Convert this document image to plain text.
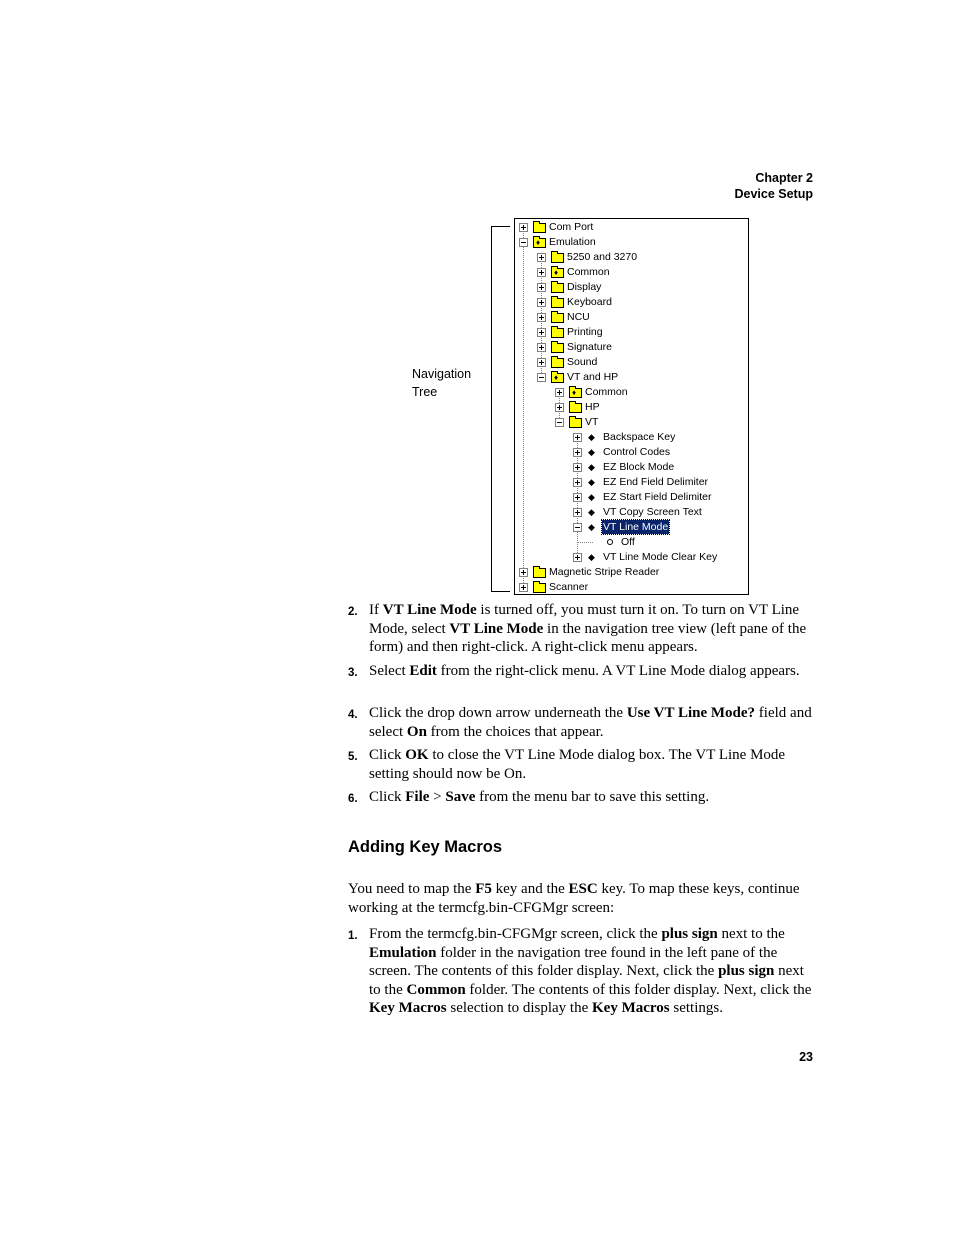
Chapter 2
Device Setup
Navigation
Tree
Com Port
♦
Emulation
5250 and 3270
♦
Common
Display
Keyboard
NCU
Printing
Signature
Sound
♦
VT and HP
♦
Common
HP
VT
◆ Backspace Key
◆ Control Codes
◆ EZ Block Mode
◆ EZ End Field Delimiter
◆ EZ Start Field Delimiter
◆ VT Copy Screen Text
◆ VT Line Mode
Off
◆ VT Line Mode Clear Key
Magnetic Stripe Reader
Scanner
2. If VT Line Mode is turned off, you must turn it on. To turn on VT Line Mode, select VT Line Mode in the navigation tree view (left pane of the form) and then right-click. A right-click menu appears.
3. Select Edit from the right-click menu. A VT Line Mode dialog appears.
4. Click the drop down arrow underneath the Use VT Line Mode? field and select On from the choices that appear.
5. Click OK to close the VT Line Mode dialog box. The VT Line Mode setting should now be On.
6. Click File > Save from the menu bar to save this setting.
Adding Key Macros
You need to map the F5 key and the ESC key. To map these keys, continue working at the termcfg.bin-CFGMgr screen:
1. From the termcfg.bin-CFGMgr screen, click the plus sign next to the Emulation folder in the navigation tree found in the left pane of the screen. The contents of this folder display. Next, click the plus sign next to the Common folder. The contents of this folder display. Next, click the Key Macros selection to display the Key Macros settings.
23
